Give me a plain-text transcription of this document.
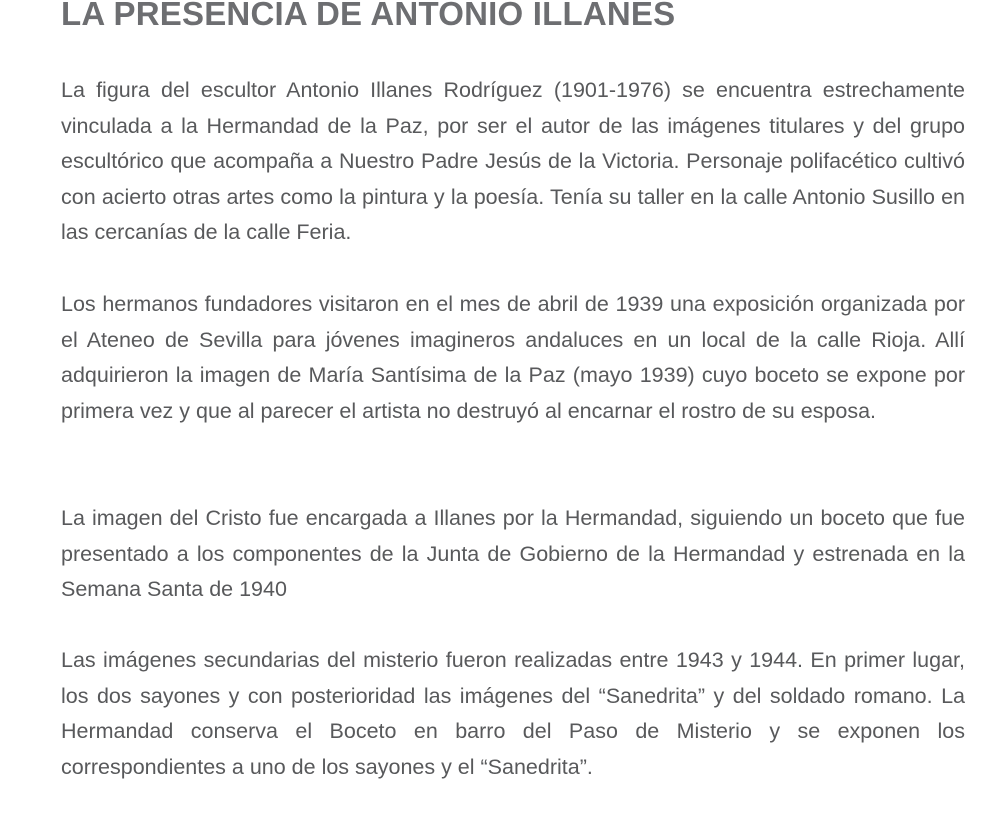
LA PRESENCIA DE ANTONIO ILLANES

La figura del escultor Antonio Illanes Rodríguez (1901-1976) se encuentra estrechamente vinculada a la Hermandad de la Paz, por ser el autor de las imágenes titulares y del grupo escultórico que acompaña a Nuestro Padre Jesús de la Victoria. Personaje polifacético cultivó con acierto otras artes como la pintura y la poesía. Tenía su taller en la calle Antonio Susillo en las cercanías de la calle Feria.

Los hermanos fundadores visitaron en el mes de abril de 1939 una exposición organizada por el Ateneo de Sevilla para jóvenes imagineros andaluces en un local de la calle Rioja. Allí adquirieron la imagen de María Santísima de la Paz (mayo 1939) cuyo boceto se expone por primera vez y que al parecer el artista no destruyó al encarnar el rostro de su esposa.

La imagen del Cristo fue encargada a Illanes por la Hermandad, siguiendo un boceto que fue presentado a los componentes de la Junta de Gobierno de la Hermandad y estrenada en la Semana Santa de 1940

Las imágenes secundarias del misterio fueron realizadas entre 1943 y 1944. En primer lugar, los dos sayones y con posterioridad las imágenes del “Sanedrita” y del soldado romano. La Hermandad conserva el Boceto en barro del Paso de Misterio y se exponen los correspondientes a uno de los sayones y el “Sanedrita”.
